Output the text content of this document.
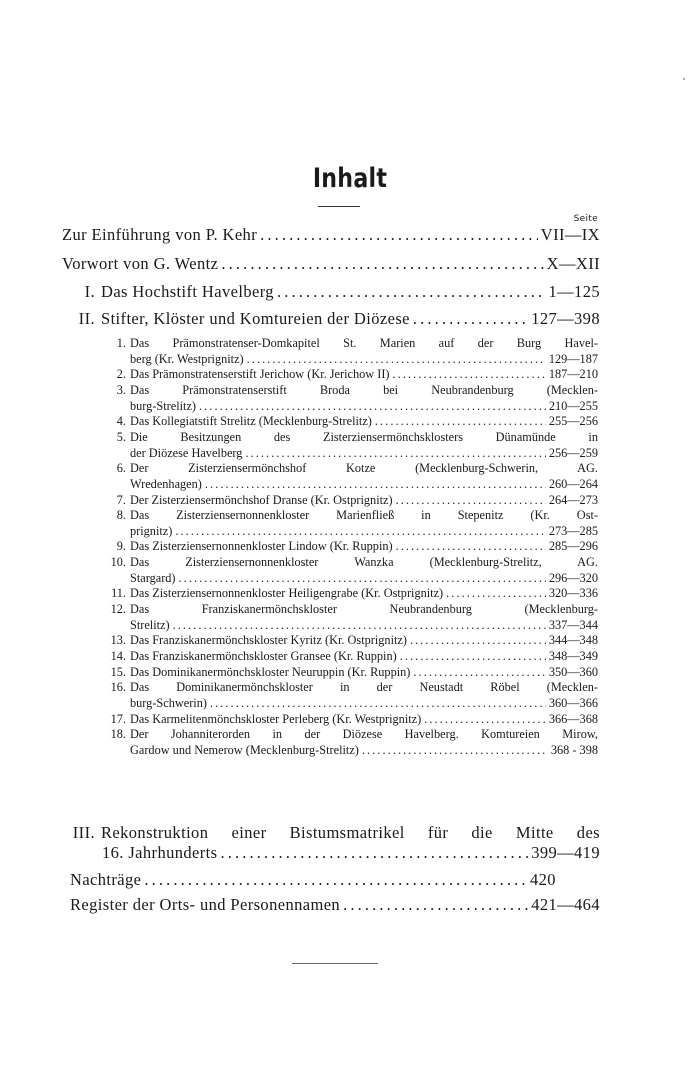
Inhalt
Seite
Zur Einführung von P. Kehr . . .	VII—IX
Vorwort von G. Wentz . . .	X—XII
I. Das Hochstift Havelberg . . .	1—125
II. Stifter, Klöster und Komtureien der Diözese . . .	127—398
1. Das Prämonstratenser-Domkapitel St. Marien auf der Burg Havel-
berg (Kr. Westprignitz) . . .	129—187
2. Das Prämonstratenserstift Jerichow (Kr. Jerichow II) . . .	187—210
3. Das Prämonstratenserstift Broda bei Neubrandenburg (Mecklen-
burg-Strelitz) . . .	210—255
4. Das Kollegiatstift Strelitz (Mecklenburg-Strelitz) . . .	255—256
5. Die Besitzungen des Zisterziensermönchsklosters Dünamünde in
der Diözese Havelberg . . .	256—259
6. Der Zisterziensermönchshof Kotze (Mecklenburg-Schwerin, AG.
Wredenhagen) . . .	260—264
7. Der Zisterziensermönchshof Dranse (Kr. Ostprignitz) . . .	264—273
8. Das Zisterziensernonnenkloster Marienfließ in Stepenitz (Kr. Ost-
prignitz) . . .	273—285
9. Das Zisterziensernonnenkloster Lindow (Kr. Ruppin) . . .	285—296
10. Das Zisterziensernonnenkloster Wanzka (Mecklenburg-Strelitz, AG.
Stargard) . . .	296—320
11. Das Zisterziensernonnenkloster Heiligengrabe (Kr. Ostprignitz) . . .	320—336
12. Das Franziskanermönchskloster Neubrandenburg (Mecklenburg-
Strelitz) . . .	337—344
13. Das Franziskanermönchskloster Kyritz (Kr. Ostprignitz) . . .	344—348
14. Das Franziskanermönchskloster Gransee (Kr. Ruppin) . . .	348—349
15. Das Dominikanermönchskloster Neuruppin (Kr. Ruppin) . . .	350—360
16. Das Dominikanermönchskloster in der Neustadt Röbel (Mecklen-
burg-Schwerin) . . .	360—366
17. Das Karmelitenmönchskloster Perleberg (Kr. Westprignitz) . . .	366—368
18. Der Johanniterorden in der Diözese Havelberg. Komtureien Mirow,
Gardow und Nemerow (Mecklenburg-Strelitz) . . .	368 - 398
III. Rekonstruktion einer Bistumsmatrikel für die Mitte des
16. Jahrhunderts . . .	399—419
Nachträge . . .	420
Register der Orts- und Personennamen . . .	421—464
